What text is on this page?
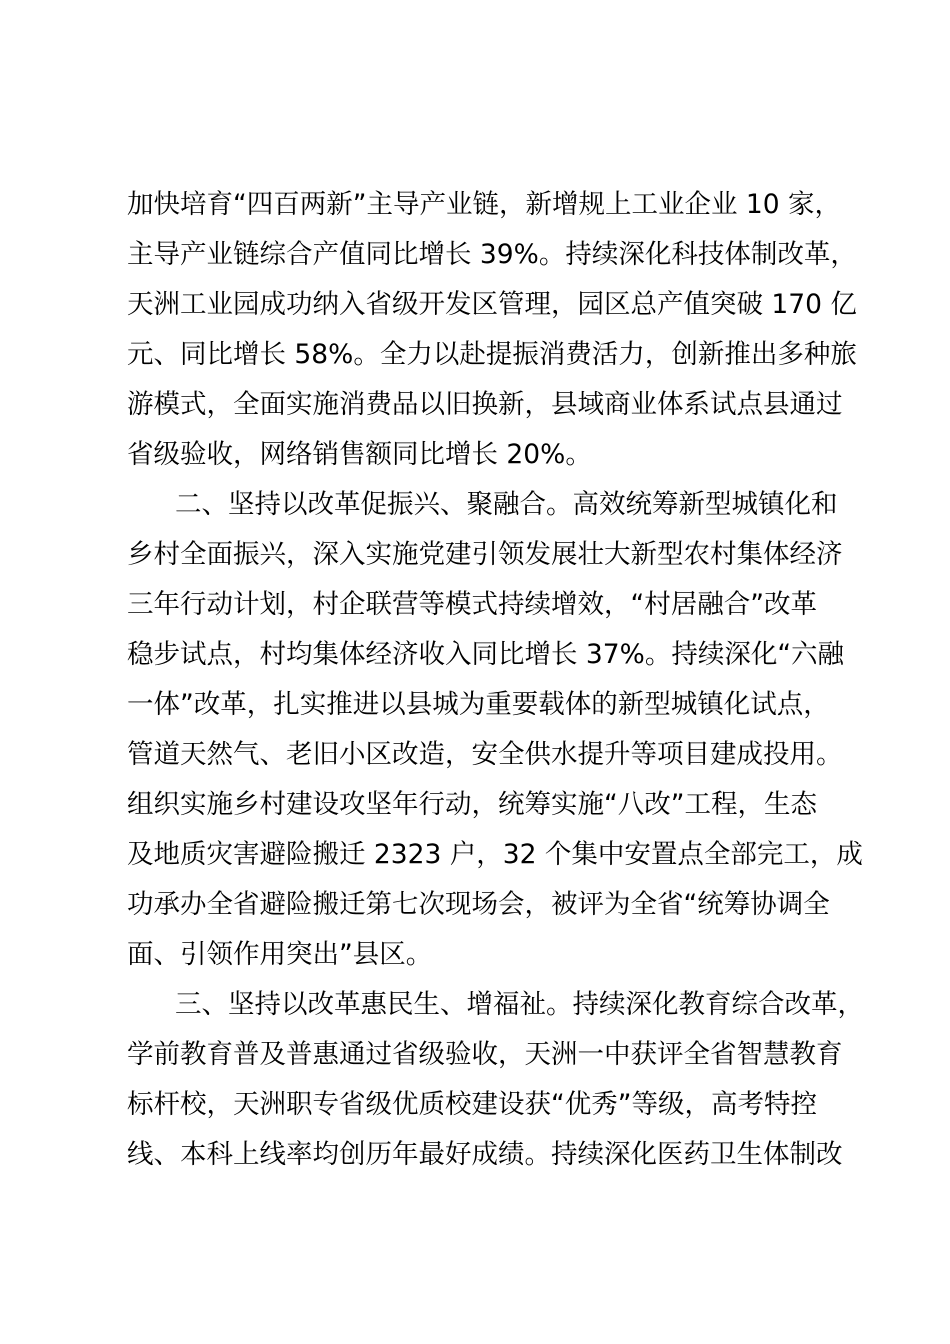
加快培育“四百两新”主导产业链，新增规上工业企业 10 家，
主导产业链综合产值同比增长 39%。持续深化科技体制改革，
天洲工业园成功纳入省级开发区管理，园区总产值突破 170 亿
元、同比增长 58%。全力以赴提振消费活力，创新推出多种旅
游模式，全面实施消费品以旧换新，县域商业体系试点县通过
省级验收，网络销售额同比增长 20%。
二、坚持以改革促振兴、聚融合。高效统筹新型城镇化和
乡村全面振兴，深入实施党建引领发展壮大新型农村集体经济
三年行动计划，村企联营等模式持续增效，“村居融合”改革
稳步试点，村均集体经济收入同比增长 37%。持续深化“六融
一体”改革，扎实推进以县城为重要载体的新型城镇化试点，
管道天然气、老旧小区改造，安全供水提升等项目建成投用。
组织实施乡村建设攻坚年行动，统筹实施“八改”工程，生态
及地质灾害避险搬迁 2323 户，32 个集中安置点全部完工，成
功承办全省避险搬迁第七次现场会，被评为全省“统筹协调全
面、引领作用突出”县区。
三、坚持以改革惠民生、增福祉。持续深化教育综合改革，
学前教育普及普惠通过省级验收，天洲一中获评全省智慧教育
标杆校，天洲职专省级优质校建设获“优秀”等级，高考特控
线、本科上线率均创历年最好成绩。持续深化医药卫生体制改
